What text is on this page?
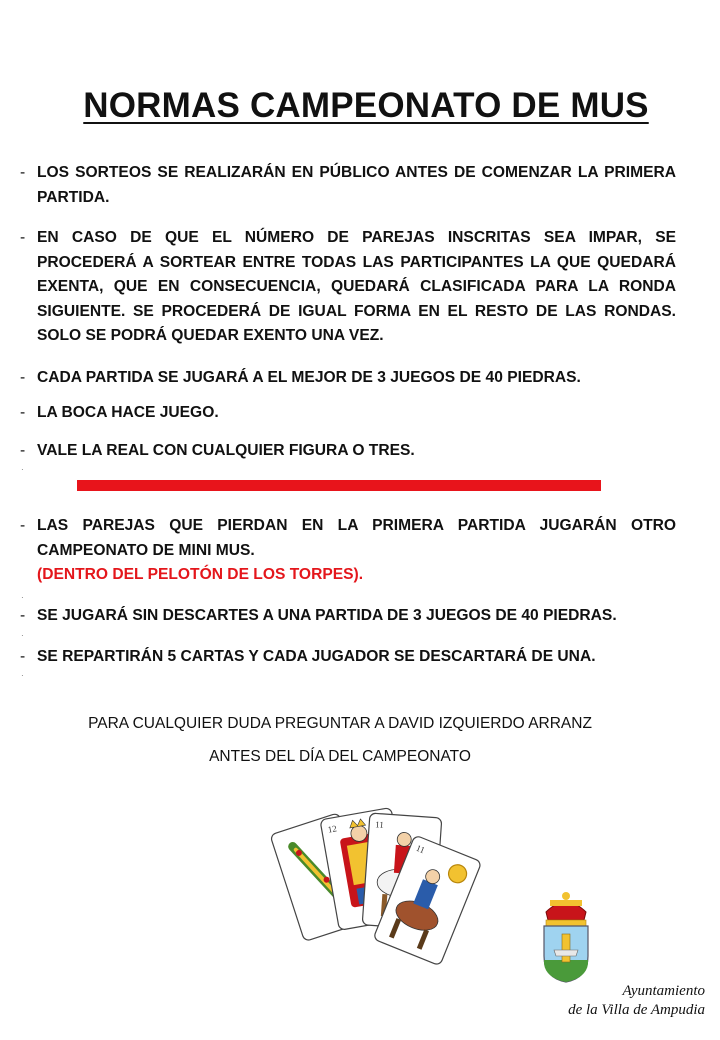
NORMAS CAMPEONATO DE MUS
- LOS SORTEOS SE REALIZARÁN EN PÚBLICO ANTES DE COMENZAR LA PRIMERA PARTIDA.
- EN CASO DE QUE EL NÚMERO DE PAREJAS INSCRITAS SEA IMPAR, SE PROCEDERÁ A SORTEAR ENTRE TODAS LAS PARTICIPANTES LA QUE QUEDARÁ EXENTA, QUE EN CONSECUENCIA, QUEDARÁ CLASIFICADA PARA LA RONDA SIGUIENTE. SE PROCEDERÁ DE IGUAL FORMA EN EL RESTO DE LAS RONDAS. SOLO SE PODRÁ QUEDAR EXENTO UNA VEZ.
- CADA PARTIDA SE JUGARÁ A EL MEJOR DE 3 JUEGOS DE 40 PIEDRAS.
- LA BOCA HACE JUEGO.
- VALE LA REAL CON CUALQUIER FIGURA O TRES.
·
- LAS PAREJAS QUE PIERDAN EN LA PRIMERA PARTIDA JUGARÁN OTRO CAMPEONATO DE MINI MUS.
(DENTRO DEL PELOTÓN DE LOS TORPES).
·
- SE JUGARÁ SIN DESCARTES A UNA PARTIDA DE 3 JUEGOS DE 40 PIEDRAS.
·
- SE REPARTIRÁN 5 CARTAS Y CADA JUGADOR SE DESCARTARÁ DE UNA.
·
PARA CUALQUIER DUDA PREGUNTAR A DAVID IZQUIERDO ARRANZ
ANTES DEL DÍA DEL CAMPEONATO
12	11
11
Ayuntamiento
de la Villa de Ampudia
